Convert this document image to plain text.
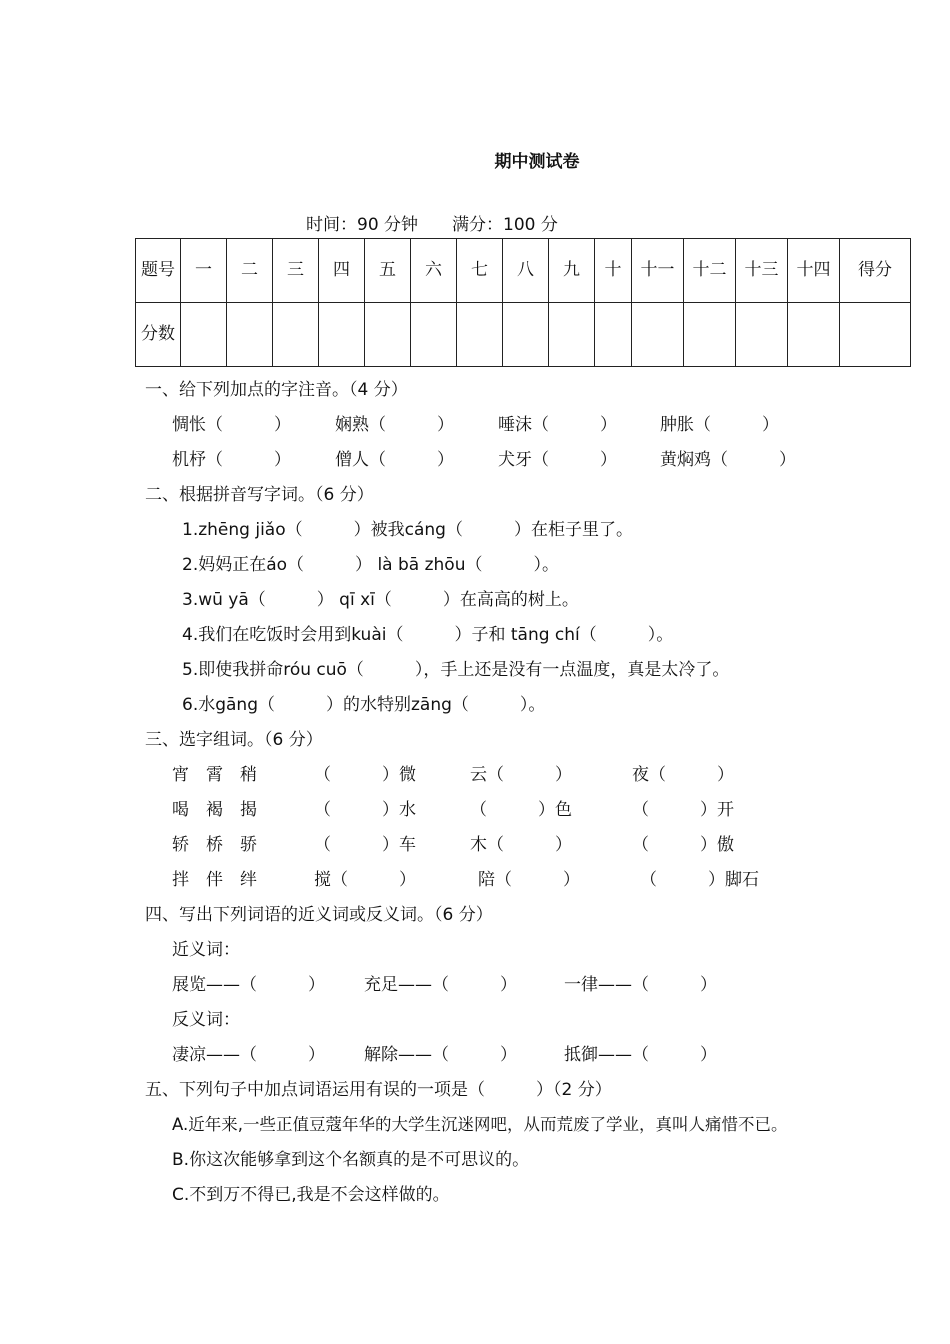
期中测试卷
时间：90 分钟　　满分：100 分
题号	一	二	三	四	五	六	七	八	九	十	十一	十二	十三	十四	得分
分数															
一、给下列加点的字注音。（4 分）
惆怅（　　　）	娴熟（　　　）	唾沫（　　　）	肿胀（　　　）
机杼（　　　）	僧人（　　　）	犬牙（　　　）	黄焖鸡（　　　）
二、根据拼音写字词。（6 分）
1.zhēng jiǎo（　　　）被我cáng（　　　）在柜子里了。
2.妈妈正在áo（　　　） là bā zhōu（　　　）。
3.wū yā（　　　） qī xī（　　　）在高高的树上。
4.我们在吃饭时会用到kuài（　　　）子和 tāng chí（　　　）。
5.即使我拼命róu cuō（　　　），手上还是没有一点温度，真是太冷了。
6.水gāng（　　　）的水特别zāng（　　　）。
三、选字组词。（6 分）
宵　霄　稍	（　　　）微	云（　　　）	夜（　　　）
喝　褐　揭	（　　　）水	（　　　）色	（　　　）开
轿　桥　骄	（　　　）车	木（　　　）	（　　　）傲
拌　伴　绊	搅（　　　）	陪（　　　）	（　　　）脚石
四、写出下列词语的近义词或反义词。（6 分）
近义词：
展览——（　　　） 充足——（　　　）	一律——（　　　）
反义词：
凄凉——（　　　） 解除——（　　　）	抵御——（　　　）
五、下列句子中加点词语运用有误的一项是（　　　）（2 分）
A.近年来,一些正值豆蔻年华的大学生沉迷网吧，从而荒废了学业，真叫人痛惜不已。
B.你这次能够拿到这个名额真的是不可思议的。
C.不到万不得已,我是不会这样做的。
